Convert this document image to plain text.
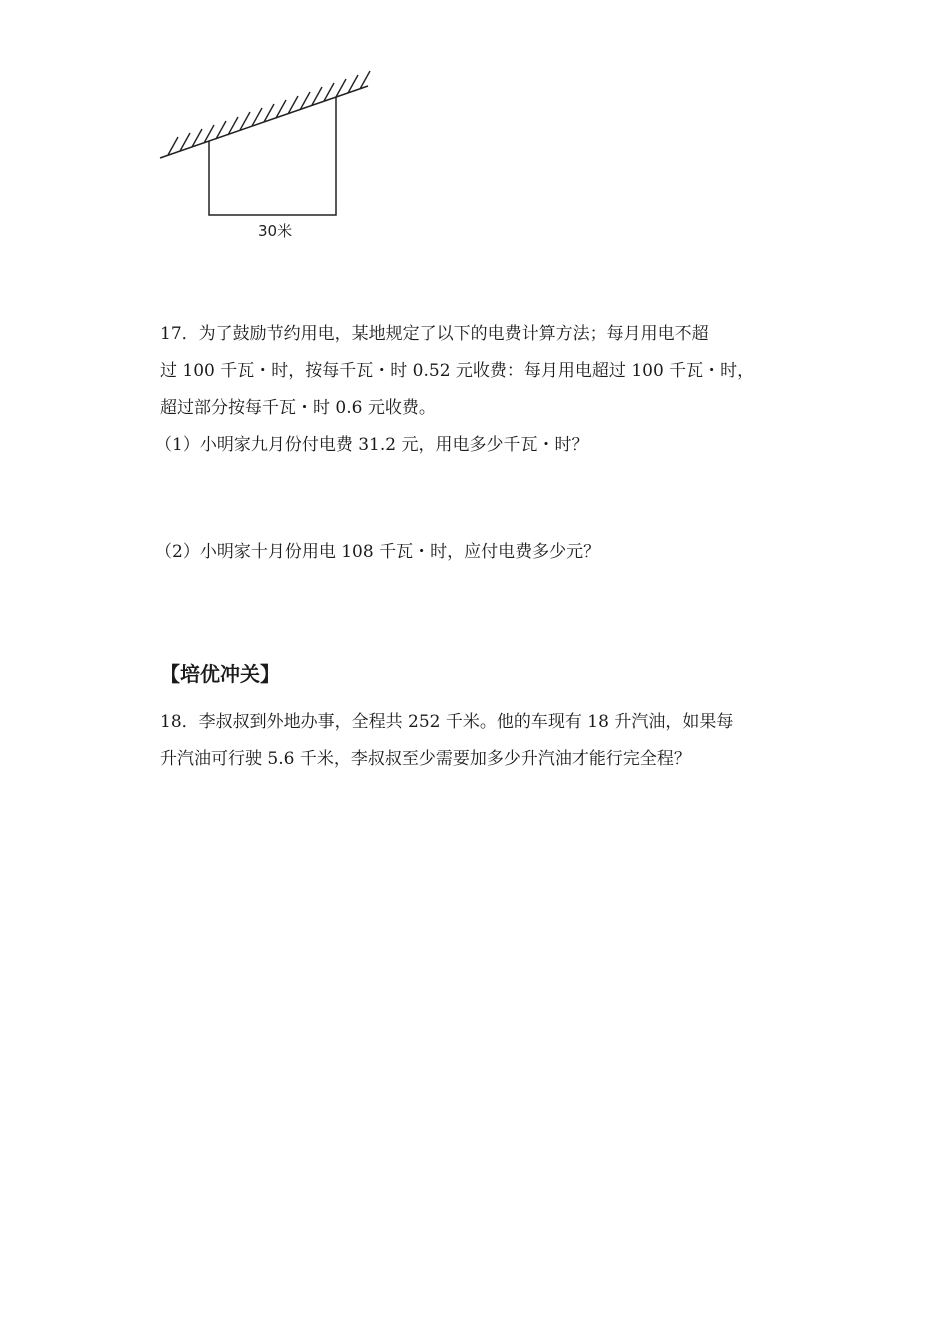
30米
17．为了鼓励节约用电，某地规定了以下的电费计算方法；每月用电不超
过 100 千瓦・时，按每千瓦・时 0.52 元收费：每月用电超过 100 千瓦・时，
超过部分按每千瓦・时 0.6 元收费。
（1）小明家九月份付电费 31.2 元，用电多少千瓦・时？
（2）小明家十月份用电 108 千瓦・时，应付电费多少元？
【培优冲关】
18．李叔叔到外地办事，全程共 252 千米。他的车现有 18 升汽油，如果每
升汽油可行驶 5.6 千米，李叔叔至少需要加多少升汽油才能行完全程？
